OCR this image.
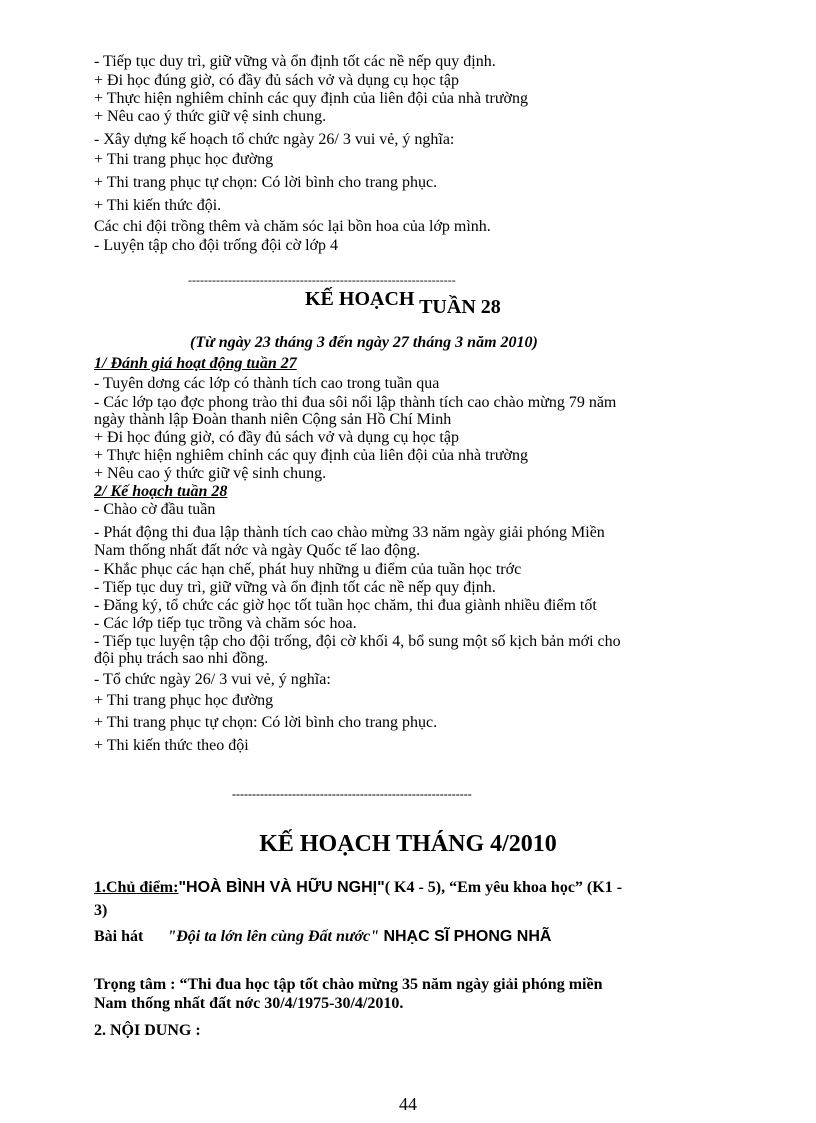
- Tiếp tục duy trì, giữ vững và ổn định tốt các nề nếp quy định.
+ Đi học đúng giờ, có đầy đủ sách vở và dụng cụ học tập
+ Thực hiện nghiêm chỉnh các quy định của liên đội của nhà trường
+ Nêu cao ý thức giữ vệ sinh chung.
- Xây dựng kế hoạch tổ chức ngày 26/ 3 vui vẻ, ý nghĩa:
+ Thi trang phục học đường
+ Thi trang phục tự chọn: Có lời bình cho trang phục.
+ Thi kiến thức đội.
Các chi đội trồng thêm và chăm sóc lại bồn hoa của lớp mình.
- Luyện tập cho đội trống đội cờ lớp 4
-------------------------------------------------------------------
KẾ HOẠCH TUẦN 28
(Từ ngày 23 tháng 3 đến ngày 27 tháng 3 năm 2010)
1/ Đánh giá hoạt động tuần 27
- Tuyên dơng các lớp có thành tích cao trong tuần qua
- Các lớp tạo đợc phong trào thi đua sôi nổi lập thành tích cao chào mừng 79 năm
ngày thành lập Đoàn thanh niên Cộng sản Hồ Chí Minh
+ Đi học đúng giờ, có đầy đủ sách vở và dụng cụ học tập
+ Thực hiện nghiêm chỉnh các quy định của liên đội của nhà trường
+ Nêu cao ý thức giữ vệ sinh chung.
2/ Kế hoạch tuần 28
- Chào cờ đầu tuần
- Phát động thi đua lập thành tích cao chào mừng 33 năm ngày giải phóng Miền
Nam thống nhất đất nớc và ngày Quốc tế lao động.
- Khắc phục các hạn chế, phát huy những u điểm của tuần học trớc
- Tiếp tục duy trì, giữ vững và ổn định tốt các nề nếp quy định.
- Đăng ký, tổ chức các giờ học tốt tuần học chăm, thi đua giành nhiều điểm tốt
- Các lớp tiếp tục trồng và chăm sóc hoa.
- Tiếp tục luyện tập cho đội trống, đội cờ khối 4, bổ sung một số kịch bản mới cho
đội phụ trách sao nhi đồng.
- Tổ chức ngày 26/ 3 vui vẻ, ý nghĩa:
+ Thi trang phục học đường
+ Thi trang phục tự chọn: Có lời bình cho trang phục.
+ Thi kiến thức theo đội
------------------------------------------------------------
KẾ HOẠCH THÁNG 4/2010
1.Chủ điểm:"HOÀ BÌNH VÀ HỮU NGHỊ"( K4 - 5), “Em yêu khoa học” (K1 -
3)
Bài hát "Đội ta lớn lên cùng Đất nước" NHẠC SĨ PHONG NHÃ
Trọng tâm : “Thi đua học tập tốt chào mừng 35 năm ngày giải phóng miền
Nam thống nhất đất nớc 30/4/1975-30/4/2010.
2. NỘI DUNG :
44
